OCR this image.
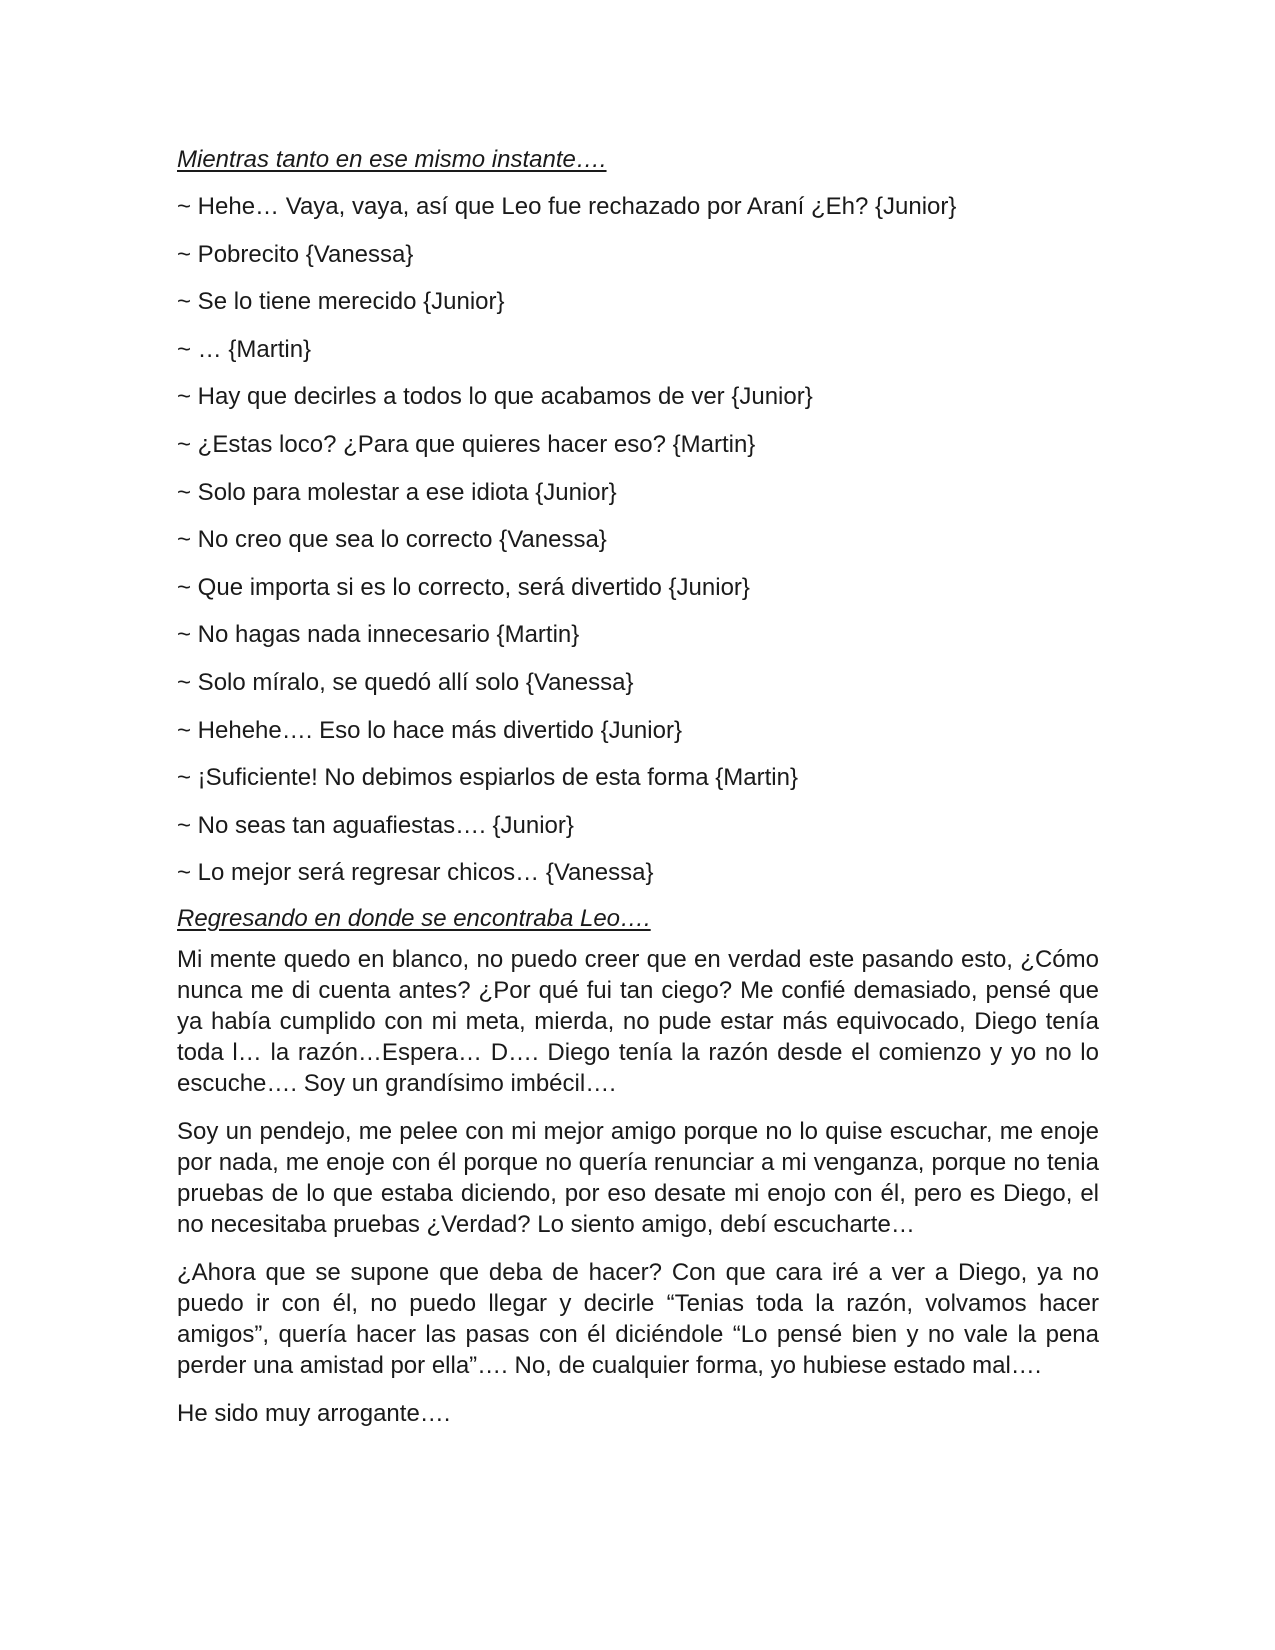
Mientras tanto en ese mismo instante….

~ Hehe… Vaya, vaya, así que Leo fue rechazado por Araní ¿Eh? {Junior}

~ Pobrecito {Vanessa}

~ Se lo tiene merecido {Junior}

~ … {Martin}

~ Hay que decirles a todos lo que acabamos de ver {Junior}

~ ¿Estas loco? ¿Para que quieres hacer eso? {Martin}

~ Solo para molestar a ese idiota {Junior}

~ No creo que sea lo correcto {Vanessa}

~ Que importa si es lo correcto, será divertido {Junior}

~ No hagas nada innecesario {Martin}

~ Solo míralo, se quedó allí solo {Vanessa}

~ Hehehe…. Eso lo hace más divertido {Junior}

~ ¡Suficiente! No debimos espiarlos de esta forma {Martin}

~ No seas tan aguafiestas…. {Junior}

~ Lo mejor será regresar chicos… {Vanessa}

Regresando en donde se encontraba Leo….

Mi mente quedo en blanco, no puedo creer que en verdad este pasando esto, ¿Cómo nunca me di cuenta antes? ¿Por qué fui tan ciego? Me confié demasiado, pensé que ya había cumplido con mi meta, mierda, no pude estar más equivocado, Diego tenía toda l… la razón…Espera… D…. Diego tenía la razón desde el comienzo y yo no lo escuche…. Soy un grandísimo imbécil….

Soy un pendejo, me pelee con mi mejor amigo porque no lo quise escuchar, me enoje por nada, me enoje con él porque no quería renunciar a mi venganza, porque no tenia pruebas de lo que estaba diciendo, por eso desate mi enojo con él, pero es Diego, el no necesitaba pruebas ¿Verdad? Lo siento amigo, debí escucharte…

¿Ahora que se supone que deba de hacer? Con que cara iré a ver a Diego, ya no puedo ir con él, no puedo llegar y decirle “Tenias toda la razón, volvamos hacer amigos”, quería hacer las pasas con él diciéndole “Lo pensé bien y no vale la pena perder una amistad por ella”…. No, de cualquier forma, yo hubiese estado mal….

He sido muy arrogante….
